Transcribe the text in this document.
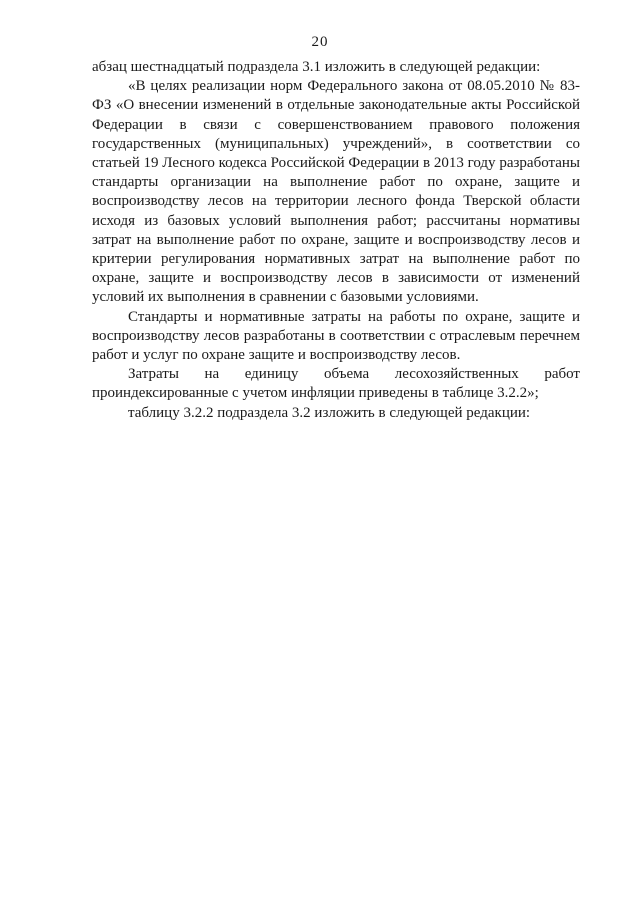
20

абзац шестнадцатый подраздела 3.1 изложить в следующей редакции:

«В целях реализации норм Федерального закона от 08.05.2010 № 83-ФЗ «О внесении изменений в отдельные законодательные акты Российской Федерации в связи с совершенствованием правового положения государственных (муниципальных) учреждений», в соответствии со статьей 19 Лесного кодекса Российской Федерации в 2013 году разработаны стандарты организации на выполнение работ по охране, защите и воспроизводству лесов на территории лесного фонда Тверской области исходя из базовых условий выполнения работ; рассчитаны нормативы затрат на выполнение работ по охране, защите и воспроизводству лесов и критерии регулирования нормативных затрат на выполнение работ по охране, защите и воспроизводству лесов в зависимости от изменений условий их выполнения в сравнении с базовыми условиями.

Стандарты и нормативные затраты на работы по охране, защите и воспроизводству лесов разработаны в соответствии с отраслевым перечнем работ и услуг по охране защите и воспроизводству лесов.

Затраты на единицу объема лесохозяйственных работ проиндексированные с учетом инфляции приведены в таблице 3.2.2»;

таблицу 3.2.2 подраздела 3.2 изложить в следующей редакции:
